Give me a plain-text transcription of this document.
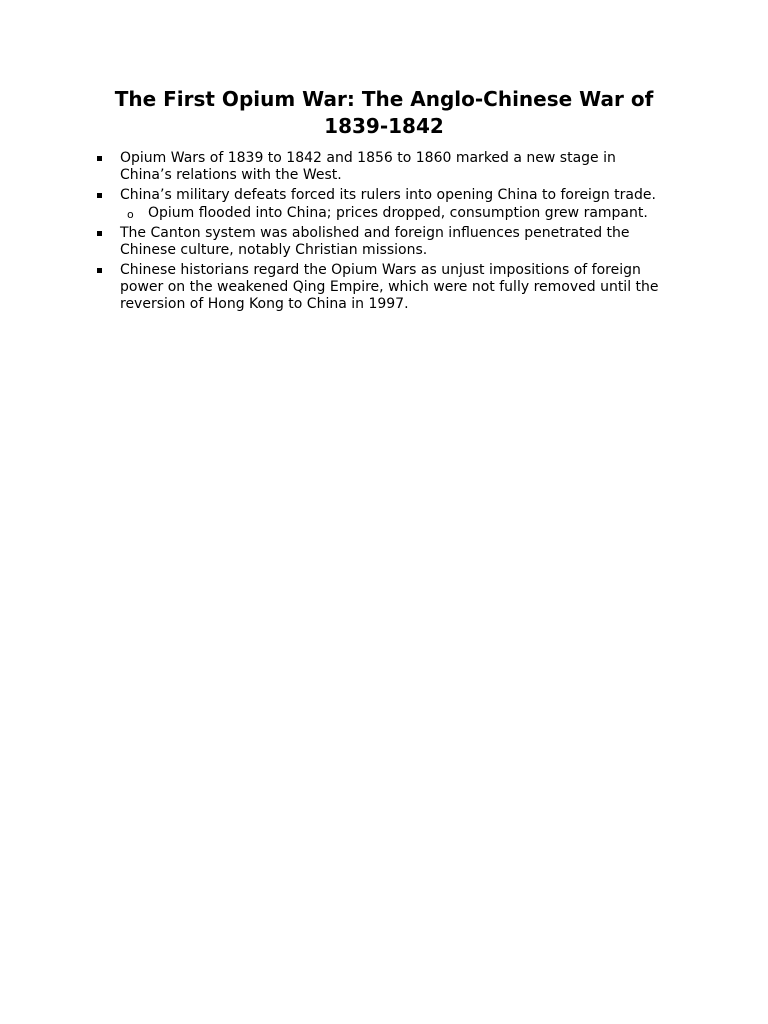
The First Opium War: The Anglo-Chinese War of
1839-1842
Opium Wars of 1839 to 1842 and 1856 to 1860 marked a new stage in
China’s relations with the West.
China’s military defeats forced its rulers into opening China to foreign trade.
o Opium flooded into China; prices dropped, consumption grew rampant.
The Canton system was abolished and foreign influences penetrated the
Chinese culture, notably Christian missions.
Chinese historians regard the Opium Wars as unjust impositions of foreign
power on the weakened Qing Empire, which were not fully removed until the
reversion of Hong Kong to China in 1997.
